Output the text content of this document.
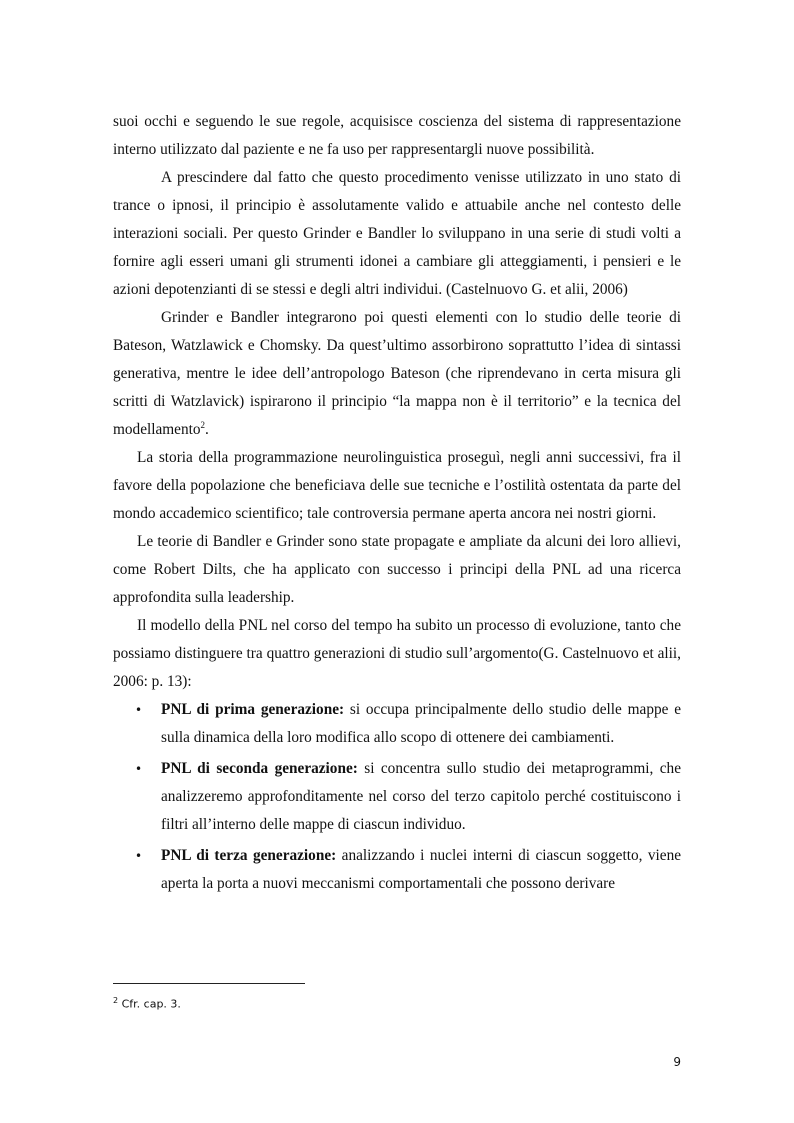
suoi occhi e seguendo le sue regole, acquisisce coscienza del sistema di rappresentazione interno utilizzato dal paziente e ne fa uso per rappresentargli nuove possibilità.

A prescindere dal fatto che questo procedimento venisse utilizzato in uno stato di trance o ipnosi, il principio è assolutamente valido e attuabile anche nel contesto delle interazioni sociali. Per questo Grinder e Bandler lo sviluppano in una serie di studi volti a fornire agli esseri umani gli strumenti idonei a cambiare gli atteggiamenti, i pensieri e le azioni depotenzianti di se stessi e degli altri individui. (Castelnuovo G. et alii, 2006)

Grinder e Bandler integrarono poi questi elementi con lo studio delle teorie di Bateson, Watzlawick e Chomsky. Da quest’ultimo assorbirono soprattutto l’idea di sintassi generativa, mentre le idee dell’antropologo Bateson (che riprendevano in certa misura gli scritti di Watzlavick) ispirarono il principio “la mappa non è il territorio” e la tecnica del modellamento$^2$.

La storia della programmazione neurolinguistica proseguì, negli anni successivi, fra il favore della popolazione che beneficiava delle sue tecniche e l’ostilità ostentata da parte del mondo accademico scientifico; tale controversia permane aperta ancora nei nostri giorni.

Le teorie di Bandler e Grinder sono state propagate e ampliate da alcuni dei loro allievi, come Robert Dilts, che ha applicato con successo i principi della PNL ad una ricerca approfondita sulla leadership.

Il modello della PNL nel corso del tempo ha subito un processo di evoluzione, tanto che possiamo distinguere tra quattro generazioni di studio sull’argomento(G. Castelnuovo et alii, 2006: p. 13):

• PNL di prima generazione: si occupa principalmente dello studio delle mappe e sulla dinamica della loro modifica allo scopo di ottenere dei cambiamenti.
• PNL di seconda generazione: si concentra sullo studio dei metaprogrammi, che analizzeremo approfonditamente nel corso del terzo capitolo perché costituiscono i filtri all’interno delle mappe di ciascun individuo.
• PNL di terza generazione: analizzando i nuclei interni di ciascun soggetto, viene aperta la porta a nuovi meccanismi comportamentali che possono derivare
$^2$ Cfr. cap. 3.
9
